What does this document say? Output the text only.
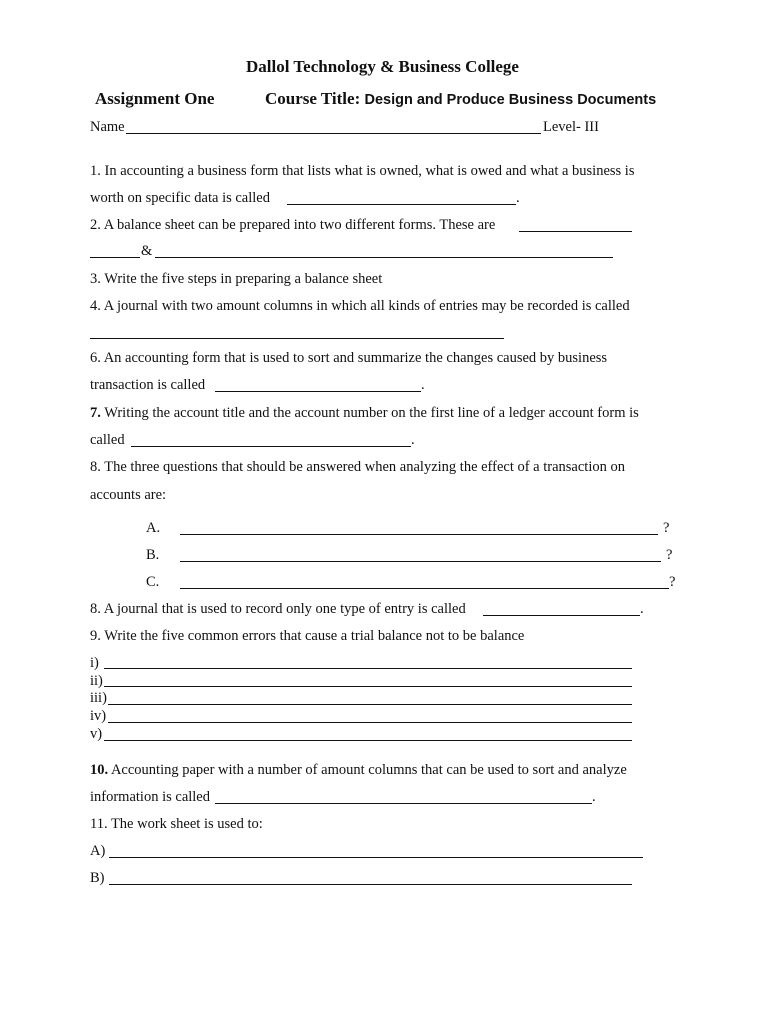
Dallol Technology & Business College
Assignment One	Course Title: Design and Produce Business Documents
Name	Level- III
1. In accounting a business form that lists what is owned, what is owed and what a business is
worth on specific data is called	.
2. A balance sheet can be prepared into two different forms. These are
&
3. Write the five steps in preparing a balance sheet
4. A journal with two amount columns in which all kinds of entries may be recorded is called
6. An accounting form that is used to sort and summarize the changes caused by business
transaction is called	.
7. Writing the account title and the account number on the first line of a ledger account form is
called	.
8. The three questions that should be answered when analyzing the effect of a transaction on
accounts are:
A.	?
B.	?
C.	?
8. A journal that is used to record only one type of entry is called	.
9. Write the five common errors that cause a trial balance not to be balance
i)
ii)
iii)
iv)
v)
10. Accounting paper with a number of amount columns that can be used to sort and analyze
information is called	.
11. The work sheet is used to:
A)
B)
